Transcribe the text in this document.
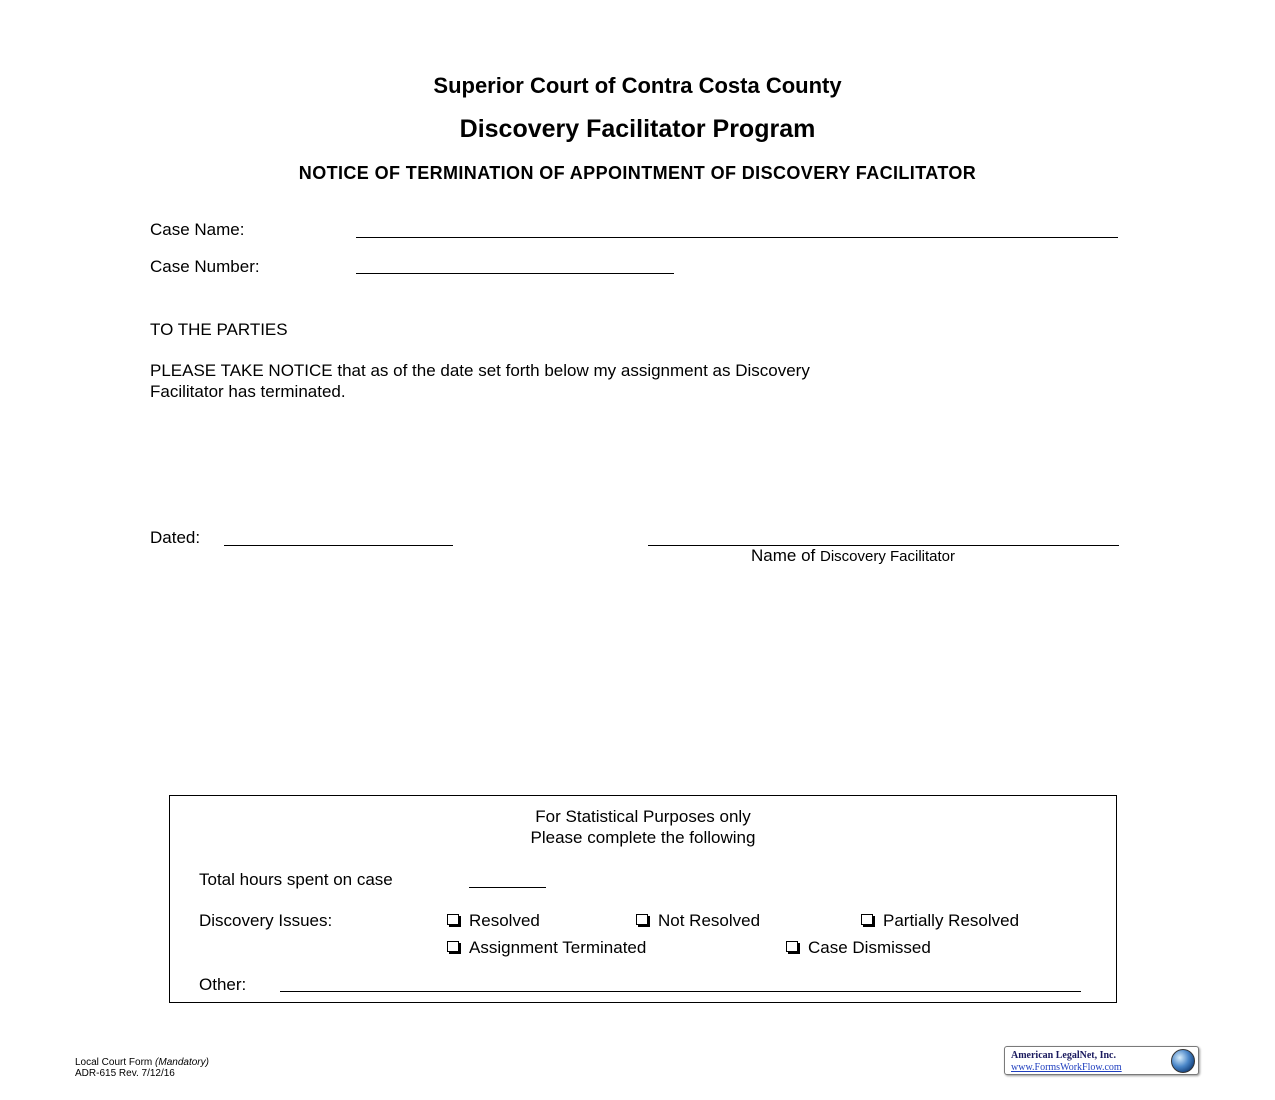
Superior Court of Contra Costa County
Discovery Facilitator Program
NOTICE OF TERMINATION OF APPOINTMENT OF DISCOVERY FACILITATOR
Case Name:
Case Number:
TO THE PARTIES
PLEASE TAKE NOTICE that as of the date set forth below my assignment as Discovery
Facilitator has terminated.
Dated:
Name of Discovery Facilitator
For Statistical Purposes only
Please complete the following
Total hours spent on case
Discovery Issues:	Resolved	Not Resolved	Partially Resolved
Assignment Terminated	Case Dismissed
Other:
Local Court Form (Mandatory)
ADR-615 Rev. 7/12/16
American LegalNet, Inc.
www.FormsWorkFlow.com
